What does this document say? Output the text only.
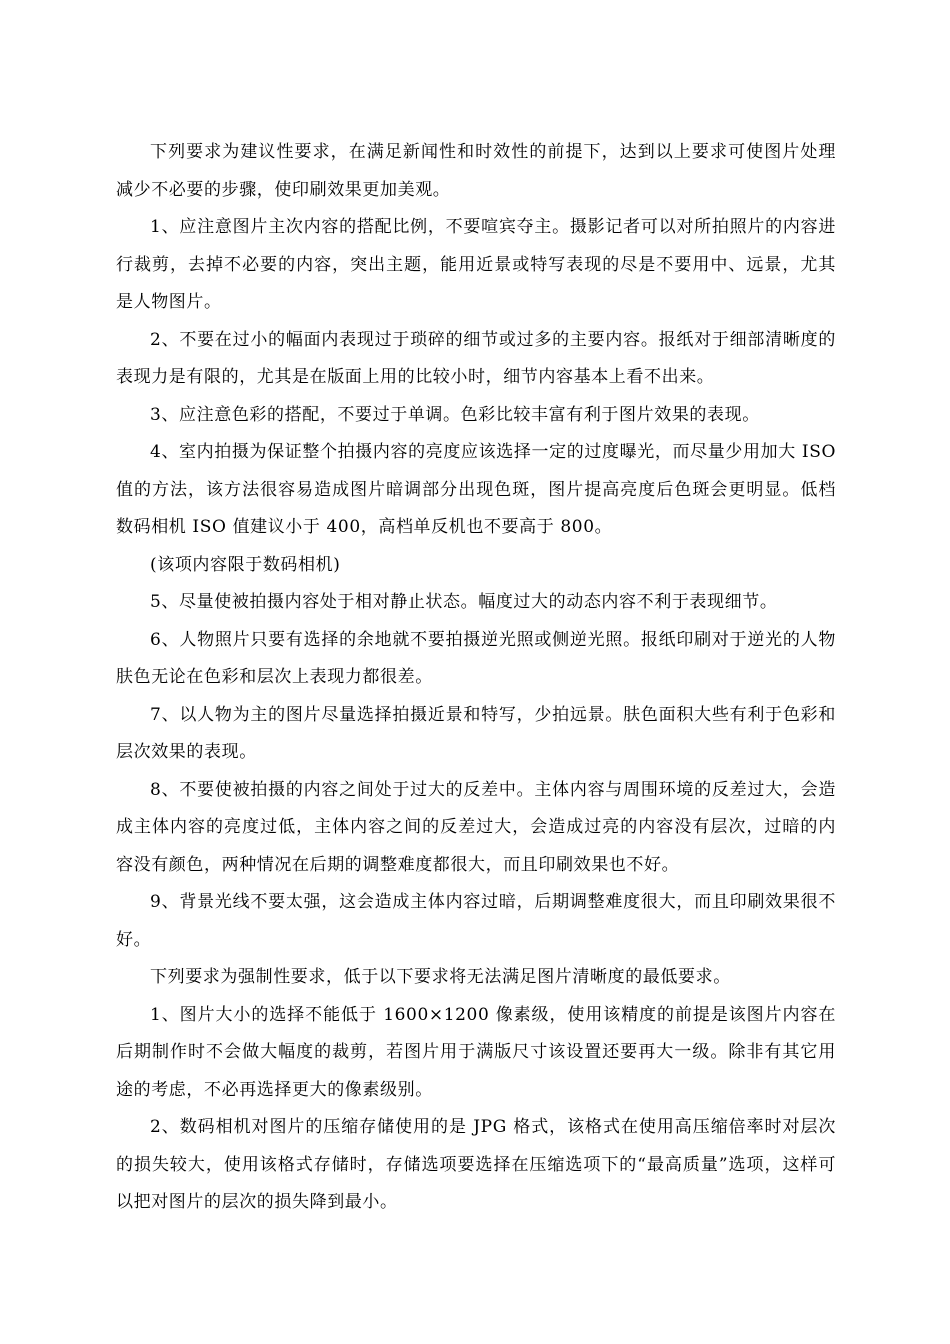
下列要求为建议性要求，在满足新闻性和时效性的前提下，达到以上要求可使图片处理减少不必要的步骤，使印刷效果更加美观。

1、应注意图片主次内容的搭配比例，不要喧宾夺主。摄影记者可以对所拍照片的内容进行裁剪，去掉不必要的内容，突出主题，能用近景或特写表现的尽是不要用中、远景，尤其是人物图片。

2、不要在过小的幅面内表现过于琐碎的细节或过多的主要内容。报纸对于细部清晰度的表现力是有限的，尤其是在版面上用的比较小时，细节内容基本上看不出来。

3、应注意色彩的搭配，不要过于单调。色彩比较丰富有利于图片效果的表现。

4、室内拍摄为保证整个拍摄内容的亮度应该选择一定的过度曝光，而尽量少用加大 ISO 值的方法，该方法很容易造成图片暗调部分出现色斑，图片提高亮度后色斑会更明显。低档数码相机 ISO 值建议小于 400，高档单反机也不要高于 800。

(该项内容限于数码相机)

5、尽量使被拍摄内容处于相对静止状态。幅度过大的动态内容不利于表现细节。

6、人物照片只要有选择的余地就不要拍摄逆光照或侧逆光照。报纸印刷对于逆光的人物肤色无论在色彩和层次上表现力都很差。

7、以人物为主的图片尽量选择拍摄近景和特写，少拍远景。肤色面积大些有利于色彩和层次效果的表现。

8、不要使被拍摄的内容之间处于过大的反差中。主体内容与周围环境的反差过大，会造成主体内容的亮度过低，主体内容之间的反差过大，会造成过亮的内容没有层次，过暗的内容没有颜色，两种情况在后期的调整难度都很大，而且印刷效果也不好。

9、背景光线不要太强，这会造成主体内容过暗，后期调整难度很大，而且印刷效果很不好。

下列要求为强制性要求，低于以下要求将无法满足图片清晰度的最低要求。

1、图片大小的选择不能低于 1600×1200 像素级，使用该精度的前提是该图片内容在后期制作时不会做大幅度的裁剪，若图片用于满版尺寸该设置还要再大一级。除非有其它用途的考虑，不必再选择更大的像素级别。

2、数码相机对图片的压缩存储使用的是 JPG 格式，该格式在使用高压缩倍率时对层次的损失较大，使用该格式存储时，存储选项要选择在压缩选项下的“最高质量”选项，这样可以把对图片的层次的损失降到最小。
